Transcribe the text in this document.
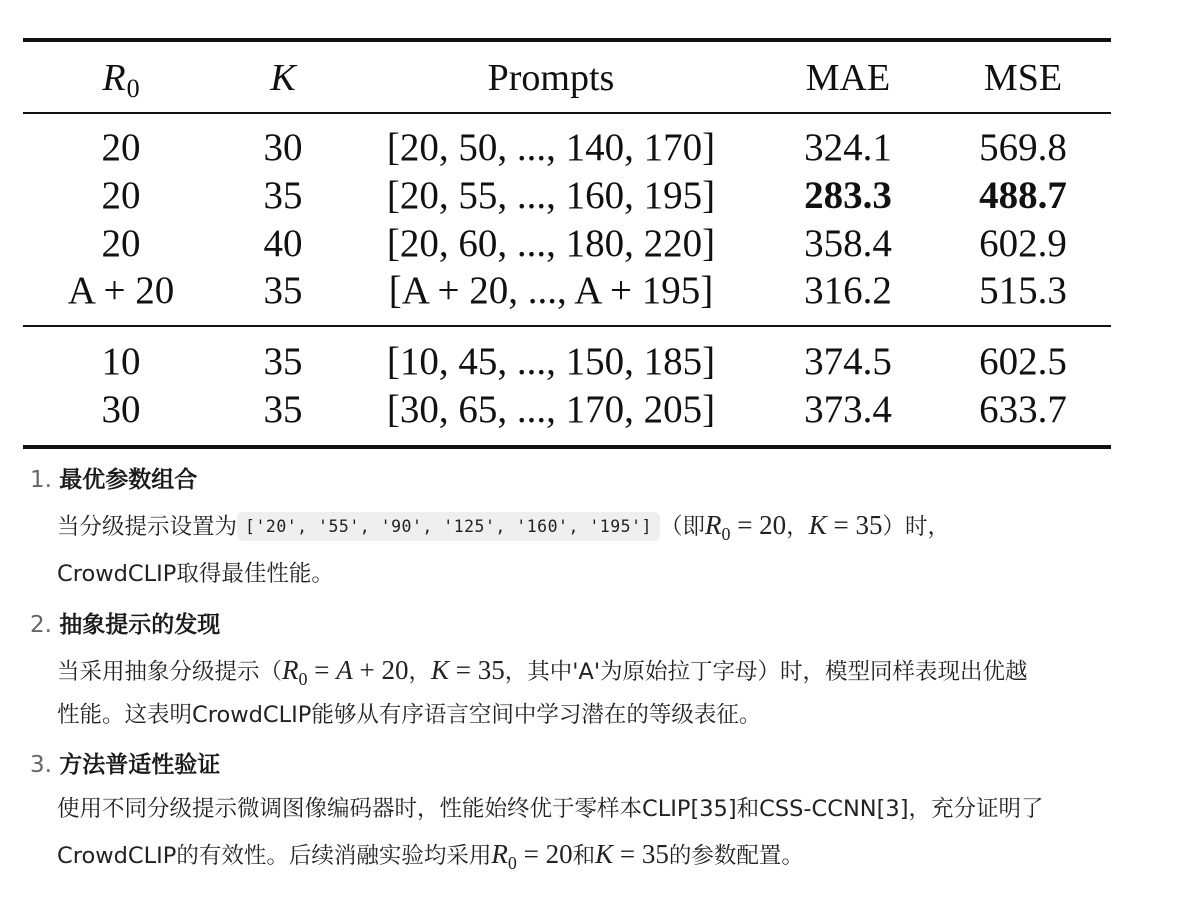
$R_0$	K	Prompts	MAE	MSE
20	30	[20, 50, ..., 140, 170]	324.1	569.8
20	35	[20, 55, ..., 160, 195]	283.3	488.7
20	40	[20, 60, ..., 180, 220]	358.4	602.9
A + 20	35	[A + 20, ..., A + 195]	316.2	515.3
10	35	[10, 45, ..., 150, 185]	374.5	602.5
30	35	[30, 65, ..., 170, 205]	373.4	633.7
1. 最优参数组合
当分级提示设置为 ['20', '55', '90', '125', '160', '195'] （即$R_0 = 20$，K = 35）时，
CrowdCLIP取得最佳性能。
2. 抽象提示的发现
当采用抽象分级提示（$R_0 = A + 20$，K = 35，其中'A'为原始拉丁字母）时，模型同样表现出优越
性能。这表明CrowdCLIP能够从有序语言空间中学习潜在的等级表征。
3. 方法普适性验证
使用不同分级提示微调图像编码器时，性能始终优于零样本CLIP[35]和CSS-CCNN[3]，充分证明了
CrowdCLIP的有效性。后续消融实验均采用$R_0 = 20$和K = 35的参数配置。
